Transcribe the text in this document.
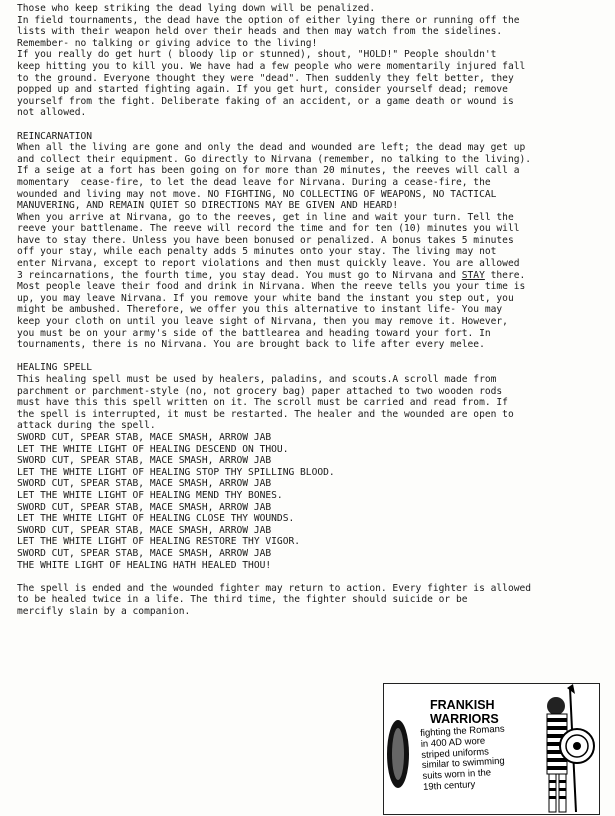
Those who keep striking the dead lying down will be penalized.
In field tournaments, the dead have the option of either lying there or running off the
lists with their weapon held over their heads and then may watch from the sidelines.
Remember- no talking or giving advice to the living!
If you really do get hurt ( bloody lip or stunned), shout, "HOLD!" People shouldn't
keep hitting you to kill you. We have had a few people who were momentarily injured fall
to the ground. Everyone thought they were "dead". Then suddenly they felt better, they
popped up and started fighting again. If you get hurt, consider yourself dead; remove
yourself from the fight. Deliberate faking of an accident, or a game death or wound is
not allowed.
REINCARNATION
When all the living are gone and only the dead and wounded are left; the dead may get up
and collect their equipment. Go directly to Nirvana (remember, no talking to the living).
If a seige at a fort has been going on for more than 20 minutes, the reeves will call a
momentary  cease-fire, to let the dead leave for Nirvana. During a cease-fire, the
wounded and living may not move. NO FIGHTING, NO COLLECTING OF WEAPONS, NO TACTICAL
MANUVERING, AND REMAIN QUIET SO DIRECTIONS MAY BE GIVEN AND HEARD!
When you arrive at Nirvana, go to the reeves, get in line and wait your turn. Tell the
reeve your battlename. The reeve will record the time and for ten (10) minutes you will
have to stay there. Unless you have been bonused or penalized. A bonus takes 5 minutes
off your stay, while each penalty adds 5 minutes onto your stay. The living may not
enter Nirvana, except to report violations and then must quickly leave. You are allowed
3 reincarnations, the fourth time, you stay dead. You must go to Nirvana and STAY there.
Most people leave their food and drink in Nirvana. When the reeve tells you your time is
up, you may leave Nirvana. If you remove your white band the instant you step out, you
might be ambushed. Therefore, we offer you this alternative to instant life- You may
keep your cloth on until you leave sight of Nirvana, then you may remove it. However,
you must be on your army's side of the battlearea and heading toward your fort. In
tournaments, there is no Nirvana. You are brought back to life after every melee.
HEALING SPELL
This healing spell must be used by healers, paladins, and scouts.A scroll made from
parchment or parchment-style (no, not grocery bag) paper attached to two wooden rods
must have this this spell written on it. The scroll must be carried and read from. If
the spell is interrupted, it must be restarted. The healer and the wounded are open to
attack during the spell.
SWORD CUT, SPEAR STAB, MACE SMASH, ARROW JAB
LET THE WHITE LIGHT OF HEALING DESCEND ON THOU.
SWORD CUT, SPEAR STAB, MACE SMASH, ARROW JAB
LET THE WHITE LIGHT OF HEALING STOP THY SPILLING BLOOD.
SWORD CUT, SPEAR STAB, MACE SMASH, ARROW JAB
LET THE WHITE LIGHT OF HEALING MEND THY BONES.
SWORD CUT, SPEAR STAB, MACE SMASH, ARROW JAB
LET THE WHITE LIGHT OF HEALING CLOSE THY WOUNDS.
SWORD CUT, SPEAR STAB, MACE SMASH, ARROW JAB
LET THE WHITE LIGHT OF HEALING RESTORE THY VIGOR.
SWORD CUT, SPEAR STAB, MACE SMASH, ARROW JAB
THE WHITE LIGHT OF HEALING HATH HEALED THOU!
The spell is ended and the wounded fighter may return to action. Every fighter is allowed
to be healed twice in a life. The third time, the fighter should suicide or be
mercifly slain by a companion.
FRANKISH
WARRIORS
fighting the Romans
in 400 AD wore
striped uniforms
similar to swimming
suits worn in the
19th century
